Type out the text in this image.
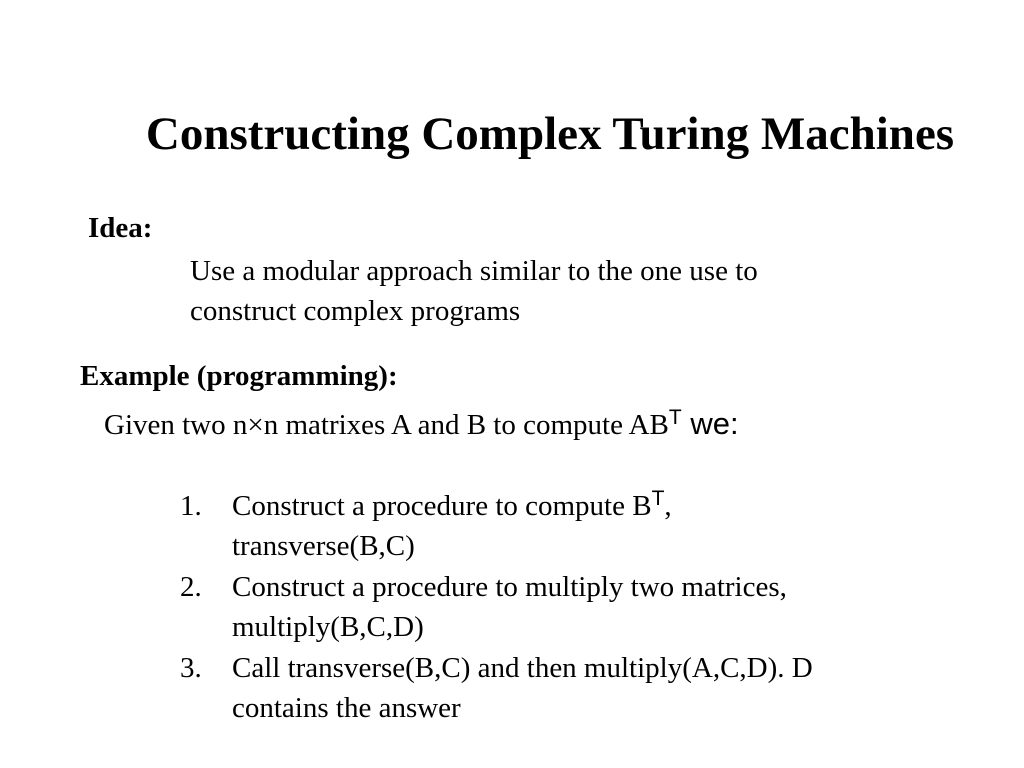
Constructing Complex Turing Machines
Idea:
Use a modular approach similar to the one use to
construct complex programs
Example (programming):
Given two n×n matrixes A and B to compute $AB^T$ we:
1.	Construct a procedure to compute $B^T$,
transverse(B,C)
2.	Construct a procedure to multiply two matrices,
multiply(B,C,D)
3.	Call transverse(B,C) and then multiply(A,C,D). D
contains the answer
